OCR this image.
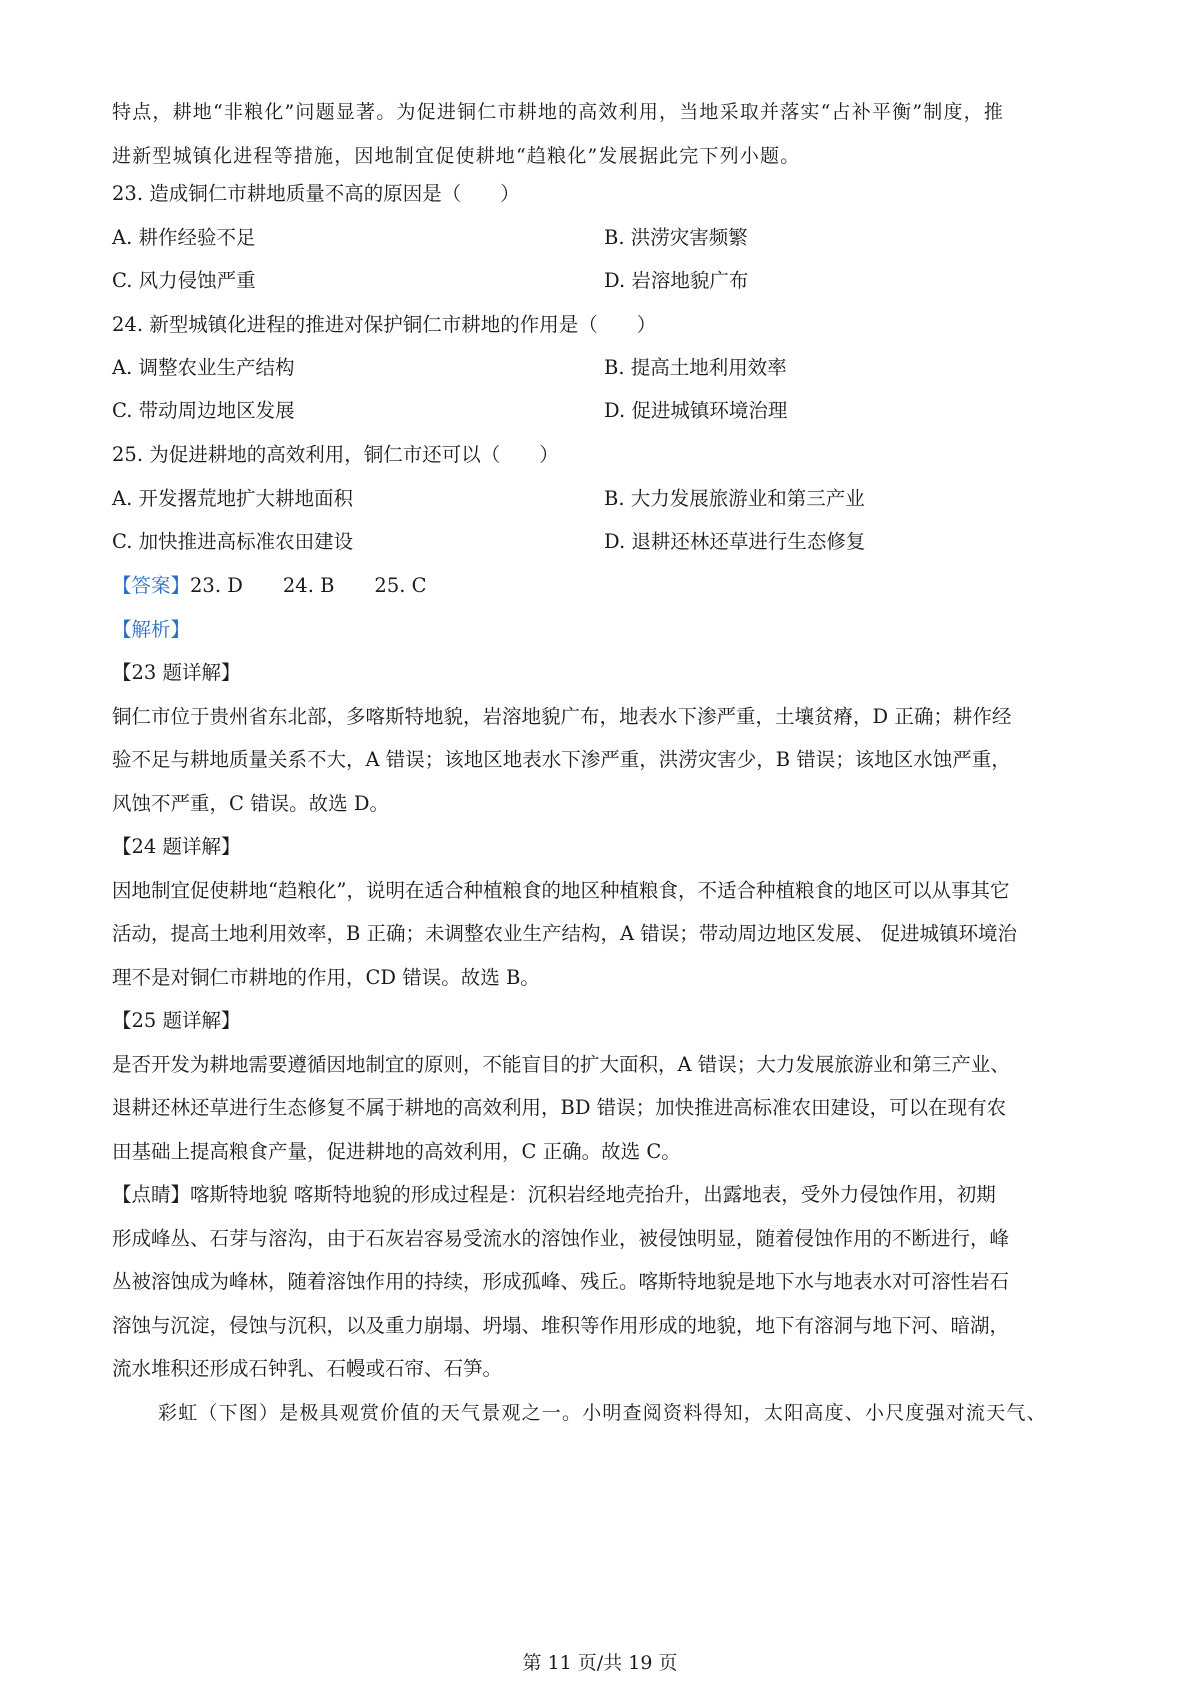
特点，耕地“非粮化”问题显著。为促进铜仁市耕地的高效利用，当地采取并落实“占补平衡”制度，推
进新型城镇化进程等措施，因地制宜促使耕地“趋粮化”发展据此完下列小题。
23. 造成铜仁市耕地质量不高的原因是（　　）
A. 耕作经验不足	B. 洪涝灾害频繁
C. 风力侵蚀严重	D. 岩溶地貌广布
24. 新型城镇化进程的推进对保护铜仁市耕地的作用是（　　）
A. 调整农业生产结构	B. 提高土地利用效率
C. 带动周边地区发展	D. 促进城镇环境治理
25. 为促进耕地的高效利用，铜仁市还可以（　　）
A. 开发撂荒地扩大耕地面积	B. 大力发展旅游业和第三产业
C. 加快推进高标准农田建设	D. 退耕还林还草进行生态修复
【答案】23. D 24. B 25. C
【解析】
【23 题详解】
铜仁市位于贵州省东北部，多喀斯特地貌，岩溶地貌广布，地表水下渗严重，土壤贫瘠，D 正确；耕作经
验不足与耕地质量关系不大，A 错误；该地区地表水下渗严重，洪涝灾害少，B 错误；该地区水蚀严重，
风蚀不严重，C 错误。故选 D。
【24 题详解】
因地制宜促使耕地“趋粮化”，说明在适合种植粮食的地区种植粮食，不适合种植粮食的地区可以从事其它
活动，提高土地利用效率，B 正确；未调整农业生产结构，A 错误；带动周边地区发展、 促进城镇环境治
理不是对铜仁市耕地的作用，CD 错误。故选 B。
【25 题详解】
是否开发为耕地需要遵循因地制宜的原则，不能盲目的扩大面积，A 错误；大力发展旅游业和第三产业、
退耕还林还草进行生态修复不属于耕地的高效利用，BD 错误；加快推进高标准农田建设，可以在现有农
田基础上提高粮食产量，促进耕地的高效利用，C 正确。故选 C。
【点睛】喀斯特地貌 喀斯特地貌的形成过程是：沉积岩经地壳抬升，出露地表，受外力侵蚀作用，初期
形成峰丛、石芽与溶沟，由于石灰岩容易受流水的溶蚀作业，被侵蚀明显，随着侵蚀作用的不断进行，峰
丛被溶蚀成为峰林，随着溶蚀作用的持续，形成孤峰、残丘。喀斯特地貌是地下水与地表水对可溶性岩石
溶蚀与沉淀，侵蚀与沉积，以及重力崩塌、坍塌、堆积等作用形成的地貌，地下有溶洞与地下河、暗湖，
流水堆积还形成石钟乳、石幔或石帘、石笋。
彩虹（下图）是极具观赏价值的天气景观之一。小明查阅资料得知，太阳高度、小尺度强对流天气、
第 11 页/共 19 页
